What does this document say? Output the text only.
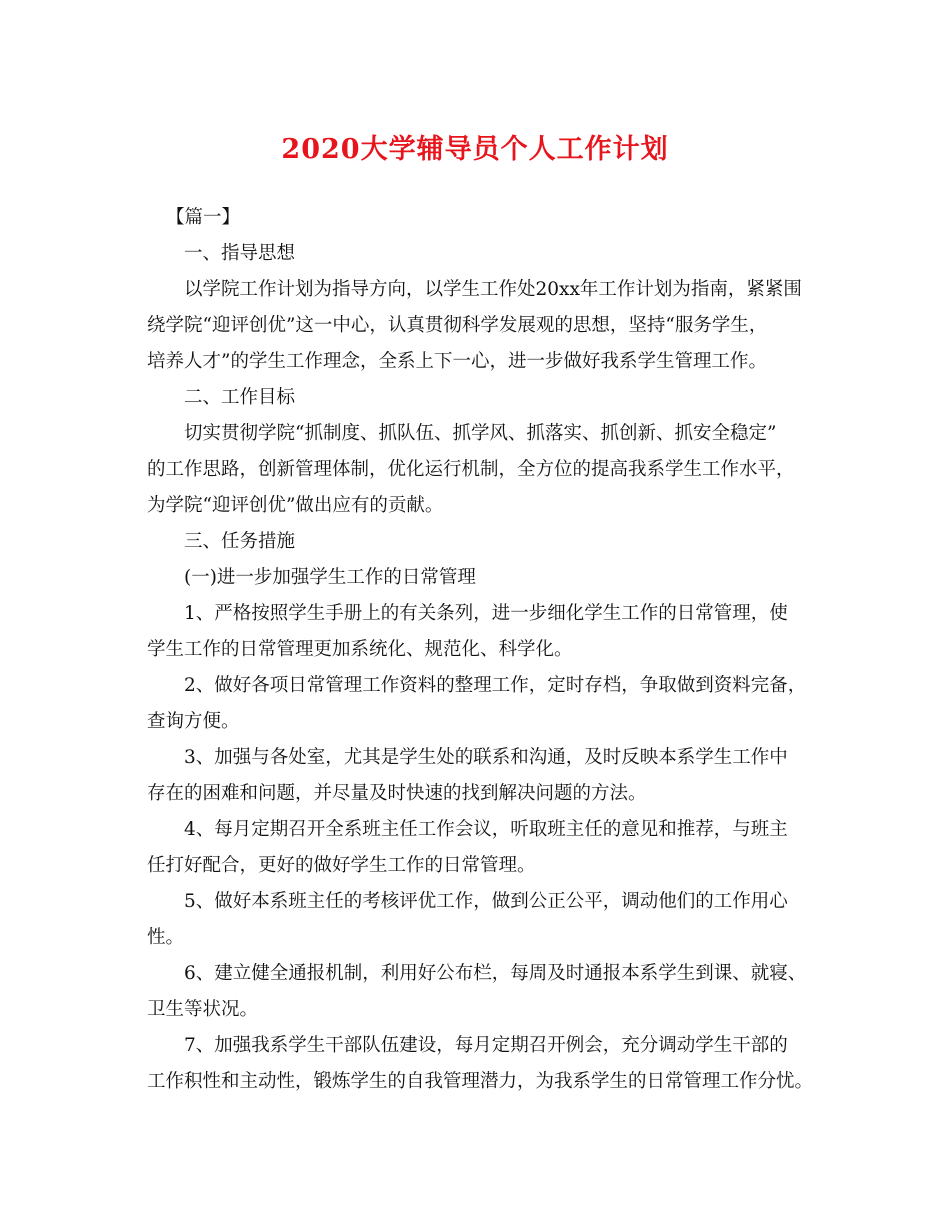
2020大学辅导员个人工作计划
【篇一】
一、指导思想
以学院工作计划为指导方向，以学生工作处20xx年工作计划为指南，紧紧围
绕学院“迎评创优”这一中心，认真贯彻科学发展观的思想，坚持“服务学生，
培养人才”的学生工作理念，全系上下一心，进一步做好我系学生管理工作。
二、工作目标
切实贯彻学院“抓制度、抓队伍、抓学风、抓落实、抓创新、抓安全稳定”
的工作思路，创新管理体制，优化运行机制，全方位的提高我系学生工作水平，
为学院“迎评创优”做出应有的贡献。
三、任务措施
(一)进一步加强学生工作的日常管理
1、严格按照学生手册上的有关条列，进一步细化学生工作的日常管理，使
学生工作的日常管理更加系统化、规范化、科学化。
2、做好各项日常管理工作资料的整理工作，定时存档，争取做到资料完备，
查询方便。
3、加强与各处室，尤其是学生处的联系和沟通，及时反映本系学生工作中
存在的困难和问题，并尽量及时快速的找到解决问题的方法。
4、每月定期召开全系班主任工作会议，听取班主任的意见和推荐，与班主
任打好配合，更好的做好学生工作的日常管理。
5、做好本系班主任的考核评优工作，做到公正公平，调动他们的工作用心
性。
6、建立健全通报机制，利用好公布栏，每周及时通报本系学生到课、就寝、
卫生等状况。
7、加强我系学生干部队伍建设，每月定期召开例会，充分调动学生干部的
工作积性和主动性，锻炼学生的自我管理潜力，为我系学生的日常管理工作分忧。
